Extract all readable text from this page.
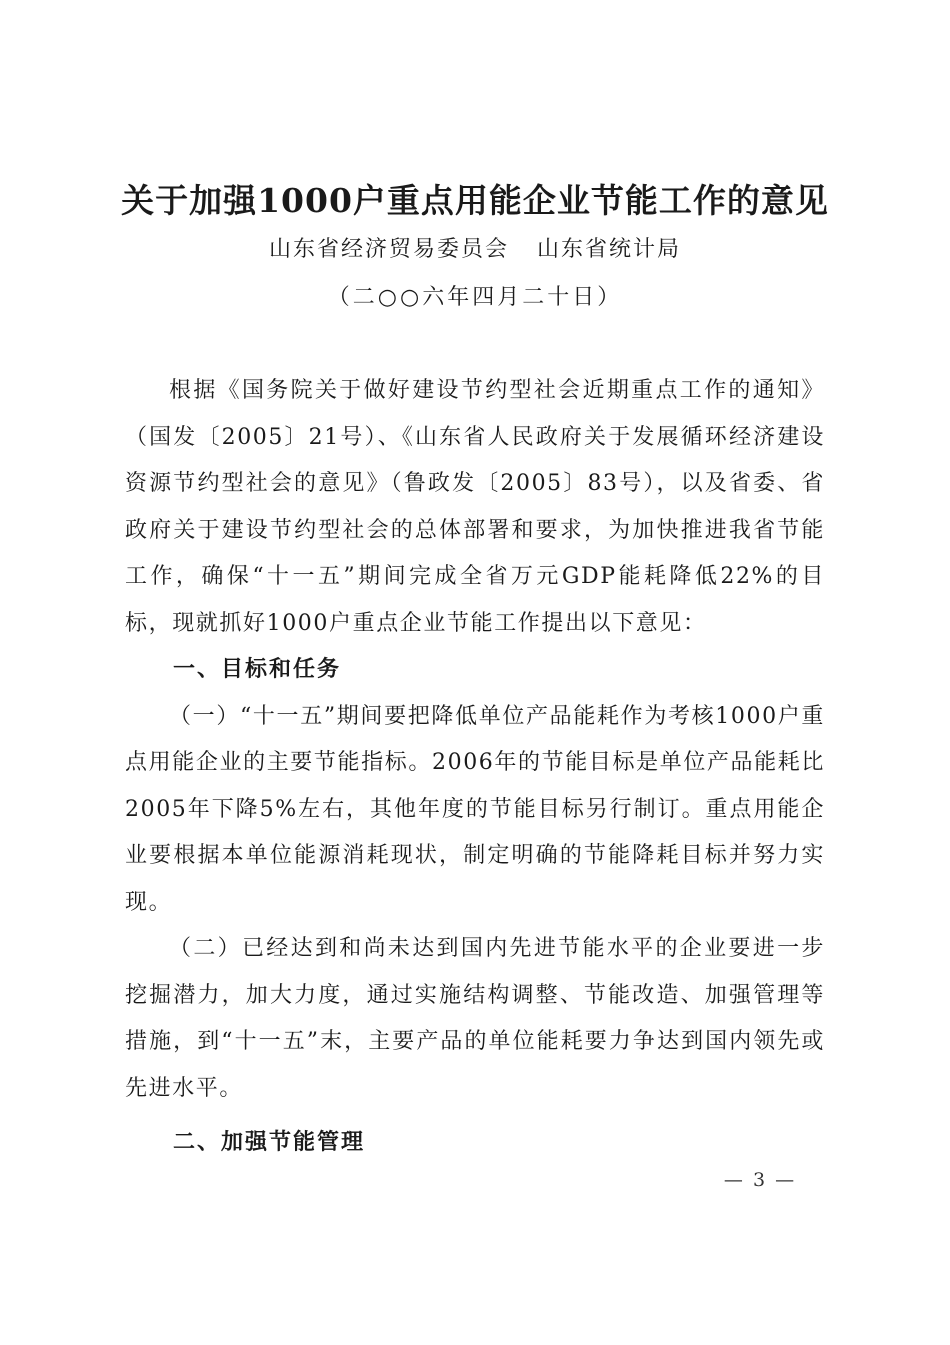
关于加强1000户重点用能企业节能工作的意见
山东省经济贸易委员会 山东省统计局
（二○○六年四月二十日）

根据《国务院关于做好建设节约型社会近期重点工作的通知》（国发〔2005〕21号）、《山东省人民政府关于发展循环经济建设资源节约型社会的意见》（鲁政发〔2005〕83号），以及省委、省政府关于建设节约型社会的总体部署和要求，为加快推进我省节能工作，确保“十一五”期间完成全省万元GDP能耗降低22%的目标，现就抓好1000户重点企业节能工作提出以下意见：

一、目标和任务

（一）“十一五”期间要把降低单位产品能耗作为考核1000户重点用能企业的主要节能指标。2006年的节能目标是单位产品能耗比2005年下降5%左右，其他年度的节能目标另行制订。重点用能企业要根据本单位能源消耗现状，制定明确的节能降耗目标并努力实现。

（二）已经达到和尚未达到国内先进节能水平的企业要进一步挖掘潜力，加大力度，通过实施结构调整、节能改造、加强管理等措施，到“十一五”末，主要产品的单位能耗要力争达到国内领先或先进水平。

二、加强节能管理
— 3 —
